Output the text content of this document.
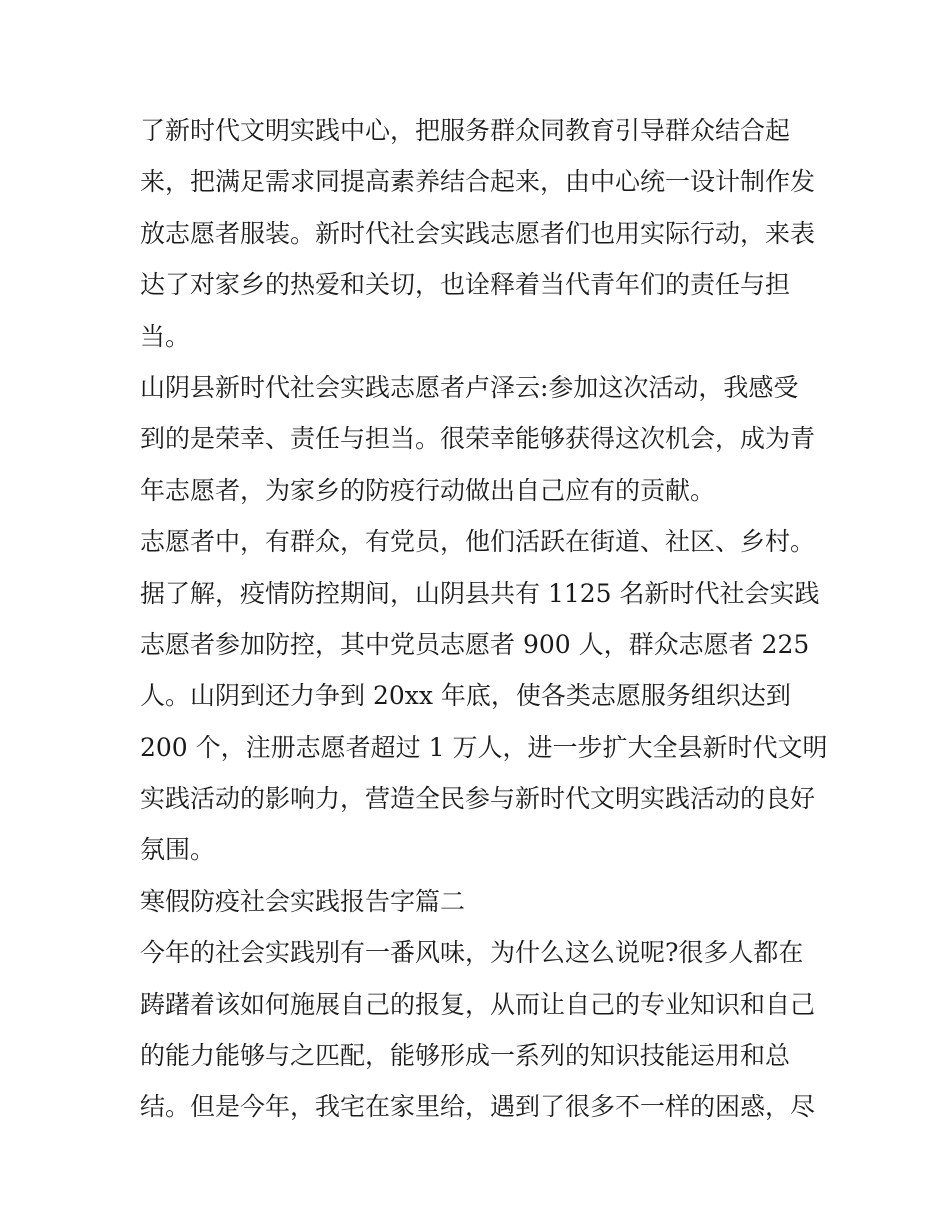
了新时代文明实践中心，把服务群众同教育引导群众结合起
来，把满足需求同提高素养结合起来，由中心统一设计制作发
放志愿者服装。新时代社会实践志愿者们也用实际行动，来表
达了对家乡的热爱和关切，也诠释着当代青年们的责任与担
当。
山阴县新时代社会实践志愿者卢泽云:参加这次活动，我感受
到的是荣幸、责任与担当。很荣幸能够获得这次机会，成为青
年志愿者，为家乡的防疫行动做出自己应有的贡献。
志愿者中，有群众，有党员，他们活跃在街道、社区、乡村。
据了解，疫情防控期间，山阴县共有 1125 名新时代社会实践
志愿者参加防控，其中党员志愿者 900 人，群众志愿者 225
人。山阴到还力争到 20xx 年底，使各类志愿服务组织达到
200 个，注册志愿者超过 1 万人，进一步扩大全县新时代文明
实践活动的影响力，营造全民参与新时代文明实践活动的良好
氛围。
寒假防疫社会实践报告字篇二
今年的社会实践别有一番风味，为什么这么说呢?很多人都在
踌躇着该如何施展自己的报复，从而让自己的专业知识和自己
的能力能够与之匹配，能够形成一系列的知识技能运用和总
结。但是今年，我宅在家里给，遇到了很多不一样的困惑，尽
